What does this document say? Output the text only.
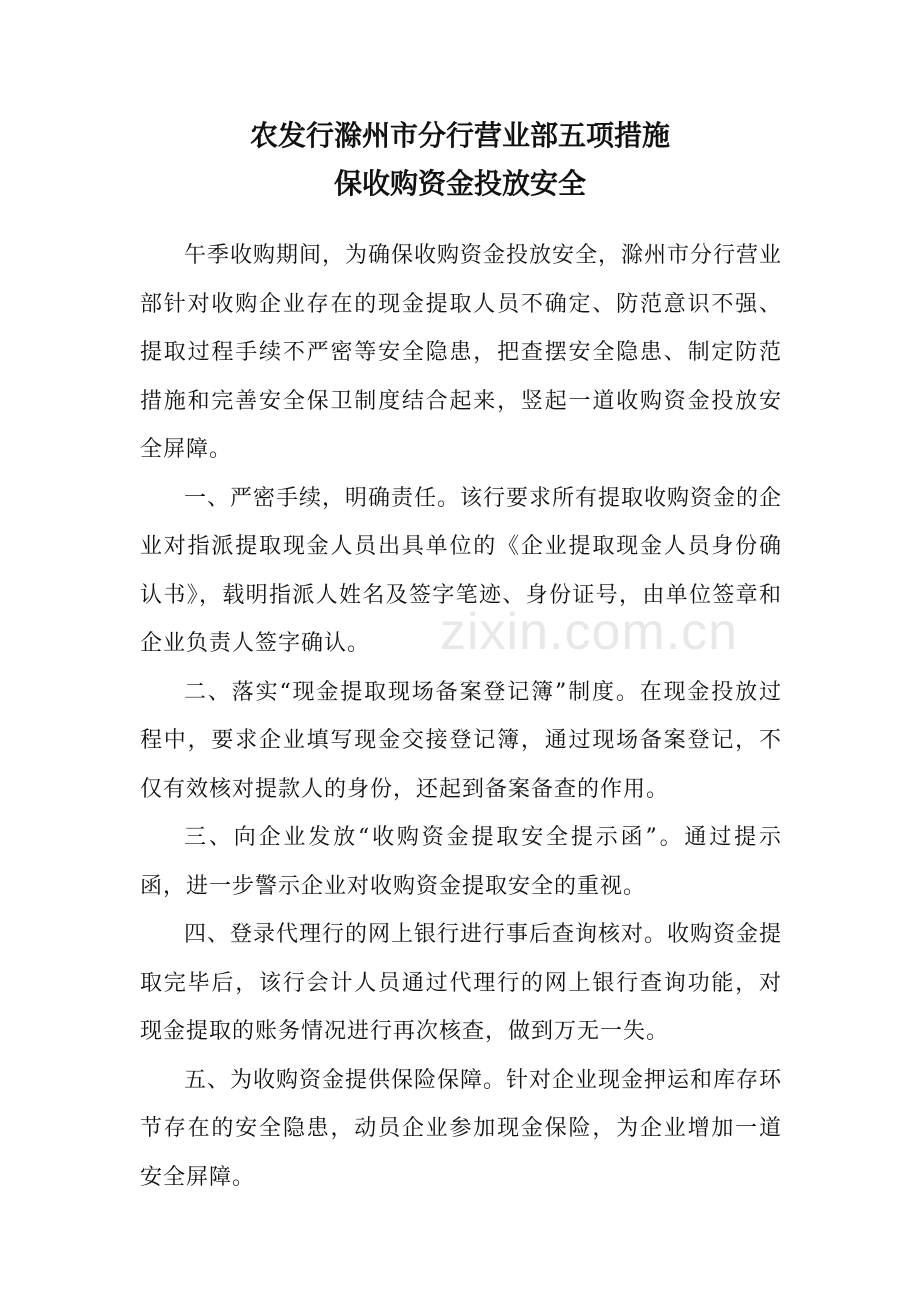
农发行滁州市分行营业部五项措施
保收购资金投放安全

午季收购期间，为确保收购资金投放安全，滁州市分行营业部针对收购企业存在的现金提取人员不确定、防范意识不强、提取过程手续不严密等安全隐患，把查摆安全隐患、制定防范措施和完善安全保卫制度结合起来，竖起一道收购资金投放安全屏障。

一、严密手续，明确责任。该行要求所有提取收购资金的企业对指派提取现金人员出具单位的《企业提取现金人员身份确认书》，载明指派人姓名及签字笔迹、身份证号，由单位签章和企业负责人签字确认。

二、落实“现金提取现场备案登记簿”制度。在现金投放过程中，要求企业填写现金交接登记簿，通过现场备案登记，不仅有效核对提款人的身份，还起到备案备查的作用。

三、向企业发放“收购资金提取安全提示函”。通过提示函，进一步警示企业对收购资金提取安全的重视。

四、登录代理行的网上银行进行事后查询核对。收购资金提取完毕后，该行会计人员通过代理行的网上银行查询功能，对现金提取的账务情况进行再次核查，做到万无一失。

五、为收购资金提供保险保障。针对企业现金押运和库存环节存在的安全隐患，动员企业参加现金保险，为企业增加一道安全屏障。

zixin.com.cn
